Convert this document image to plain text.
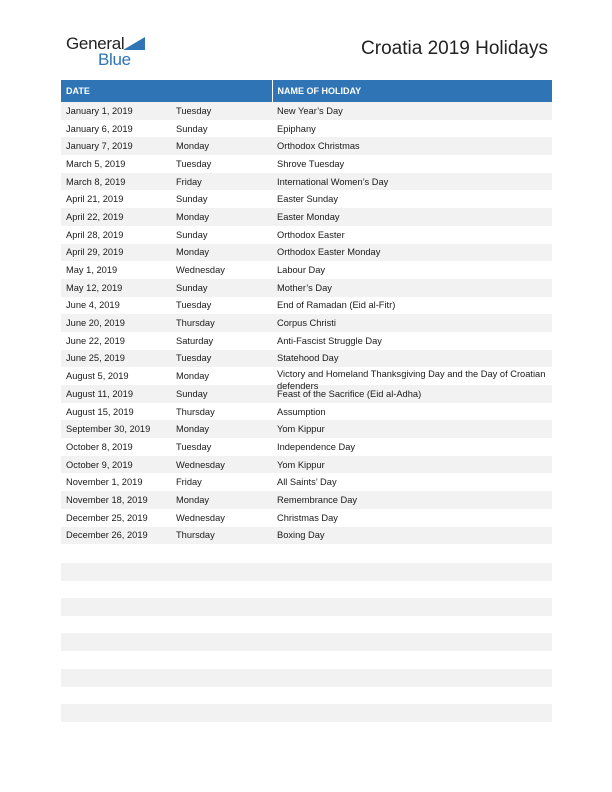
General
Blue
Croatia 2019 Holidays
DATE		NAME OF HOLIDAY
January 1, 2019	Tuesday	New Year’s Day
January 6, 2019	Sunday	Epiphany
January 7, 2019	Monday	Orthodox Christmas
March 5, 2019	Tuesday	Shrove Tuesday
March 8, 2019	Friday	International Women’s Day
April 21, 2019	Sunday	Easter Sunday
April 22, 2019	Monday	Easter Monday
April 28, 2019	Sunday	Orthodox Easter
April 29, 2019	Monday	Orthodox Easter Monday
May 1, 2019	Wednesday	Labour Day
May 12, 2019	Sunday	Mother’s Day
June 4, 2019	Tuesday	End of Ramadan (Eid al-Fitr)
June 20, 2019	Thursday	Corpus Christi
June 22, 2019	Saturday	Anti-Fascist Struggle Day
June 25, 2019	Tuesday	Statehood Day
August 5, 2019	Monday	Victory and Homeland Thanksgiving Day and the Day of Croatian defenders

August 11, 2019	Sunday	Feast of the Sacrifice (Eid al-Adha)
August 15, 2019	Thursday	Assumption
September 30, 2019	Monday	Yom Kippur
October 8, 2019	Tuesday	Independence Day
October 9, 2019	Wednesday	Yom Kippur
November 1, 2019	Friday	All Saints’ Day
November 18, 2019	Monday	Remembrance Day
December 25, 2019	Wednesday	Christmas Day
December 26, 2019	Thursday	Boxing Day
